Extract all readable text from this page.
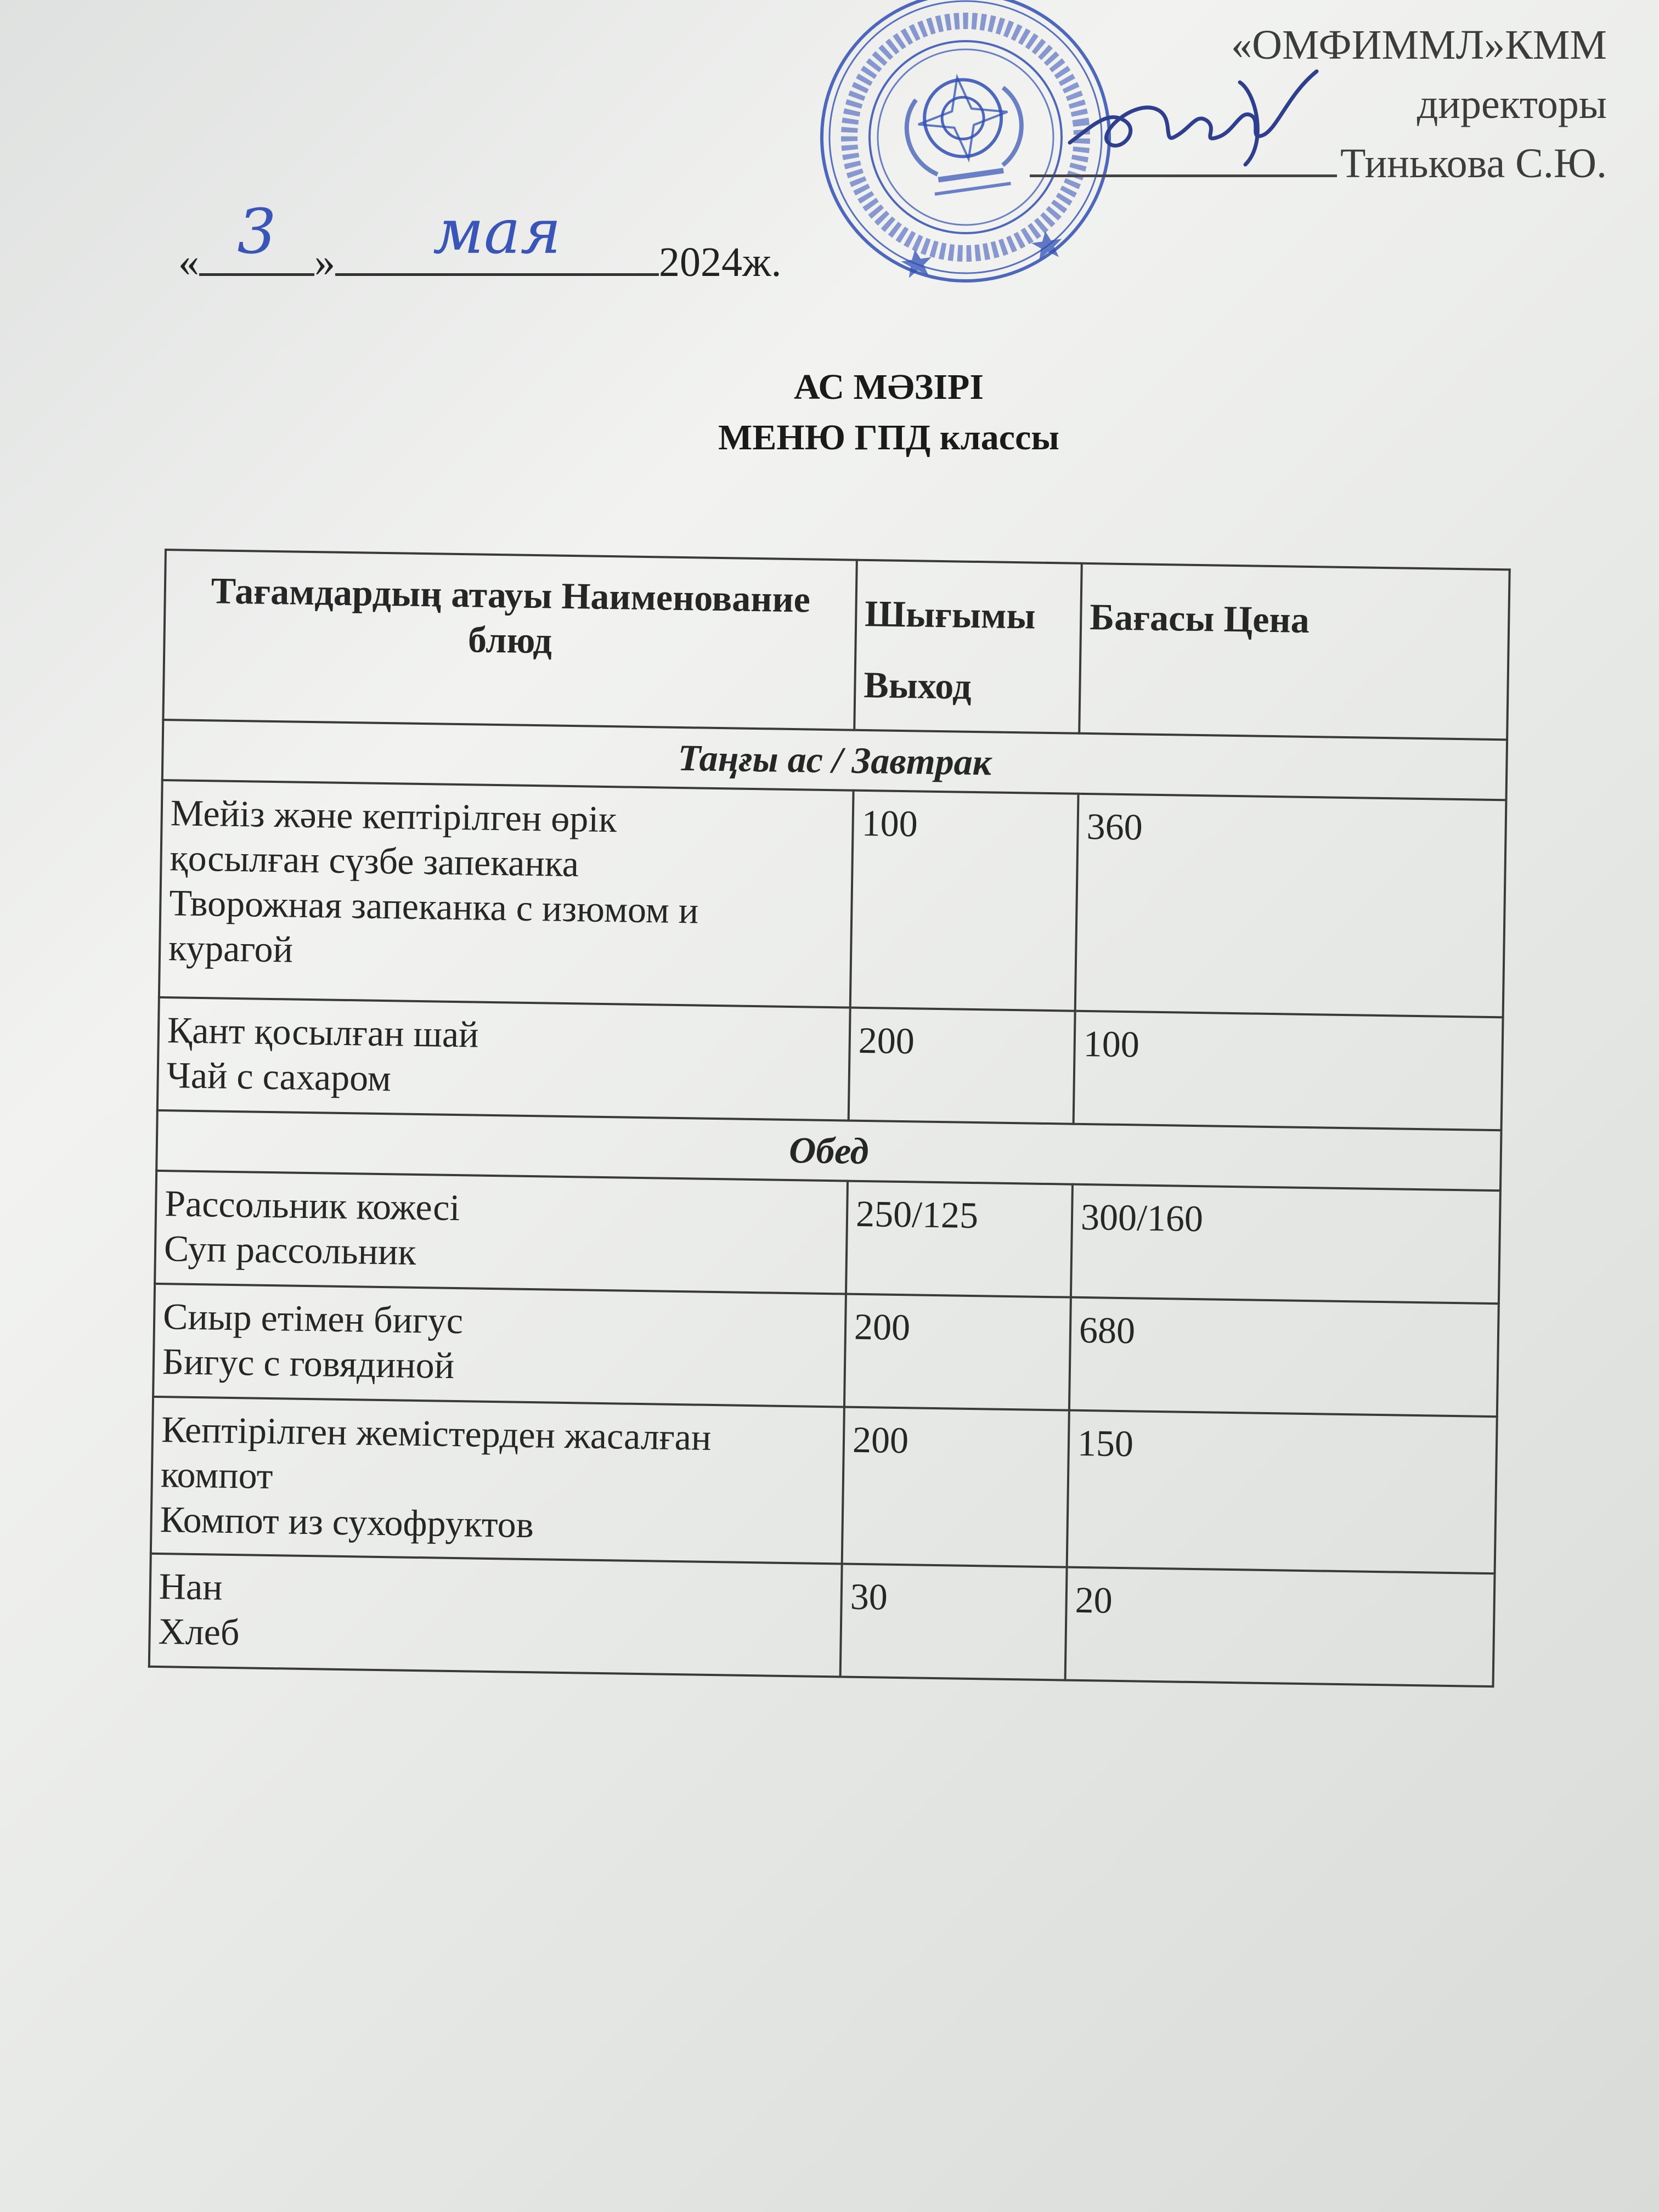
«ОМФИММЛ»КММ
директоры
Тинькова С.Ю.
« 3 » мая 2024ж.
АС МӘЗІРІ
МЕНЮ ГПД классы
Тағамдардың атауы Наименование блюд	Шығымы Выход	Бағасы Цена
Таңғы ас / Завтрак		

Мейіз және кептірілген өрік
қосылған сүзбе запеканка
Творожная запеканка с изюмом и
курагой	100	360

Қант қосылған шай
Чай с сахаром	200	100
Обед		

Рассольник кожесі
Суп рассольник	250/125	300/160

Сиыр етімен бигус
Бигус с говядиной	200	680

Кептірілген жемістерден жасалған
компот
Компот из сухофруктов	200	150

Нан
Хлеб	30	20
